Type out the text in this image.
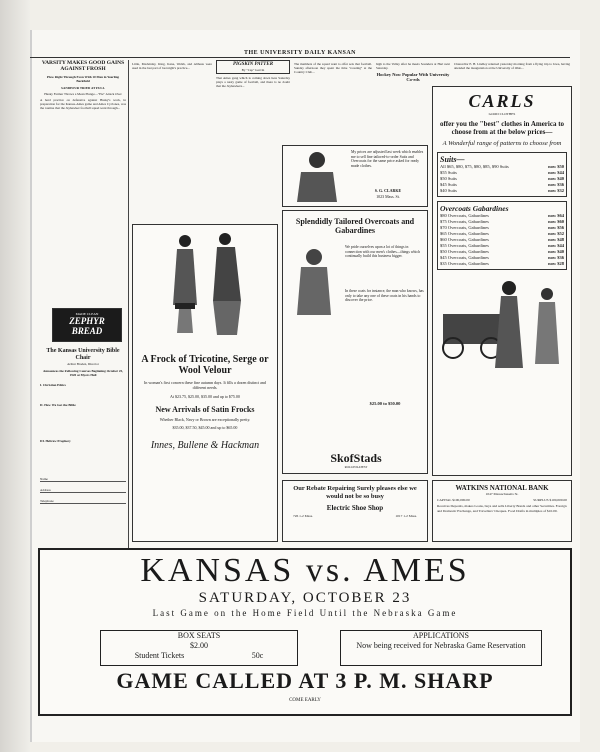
THE UNIVERSITY DAILY KANSAN
VARSITY MAKES GOOD GAINS AGAINST FROSH
Plow Right Through Even With 10 Men in Yearling Backfield
SANDEFUR TRIED AT FULL
Husky Farmer Throws a Mean Plunge—"Pie" Attack Over
A hard practice on defensive against Husky's work, in preparation for the Kansas-Ames game and Ames Cyclones, was the routine that the Jayhawker football squad went through...
MADE CLEAN
ZEPHYR BREAD
The Kansas University Bible Chair
Arthur Braden, Director
Announces the Following Courses Beginning October 25, 1920 at Myers Hall
I. Christian Ethics
II. How We Got the Bible
III. Hebrew Prophecy
Name
Address
Telephone
Little, Mackinlay, King, Kane, Welsh, and Althaus were used in the last part of last night's practice...
PIGSKIN PATTER
By "Cap" Garvin
That Ames gang which is coming down here Saturday plays a nasty game of football, and there is no doubt that the Jayhawkers...
The members of the squad want to offer sets that football. Sunday afternoon they spent the time "roasting" at the Country Club...
high to the Valley after he meets Sounders at Hart next Saturday.
Hockey Now Popular With University Co-eds
Chancellor E. H. Lindley returned yesterday morning from a flying trip to Iowa, having attended the inauguration at the University of Ohio...
A Frock of Tricotine, Serge or Wool Velour
In woman's first concern these fine autumn days. It fills a dozen distinct and different needs.
At $23.75, $25.00, $35.00 and up to $75.00
New Arrivals of Satin Frocks
Whether Black, Navy or Brown are exceptionally pretty.
$35.00, $37.50, $45.00 and up to $65.00
Innes, Bullene & Hackman
My prices are adjusted last week which enables me to sell fine tailored-to-order Suits and Overcoats for the same price asked for ready made clothes.
S. G. CLARKE
1023 Mass. St.
Splendidly Tailored Overcoats and Gabardines
We pride ourselves upon a lot of things in connection with our men's clothes—things which continually build this business bigger.
In these coats for instance, the man who knows, has only to take any one of these coats in his hands to discover the price.
$25.00 to $50.00
SkofStads
ROLLIN RATEST
CARLS
GOOD CLOTHES
offer you the "best" clothes in America to choose from at the below prices—
A Wonderful range of patterns to choose from
Suits—
All $65, $80, $75, $80, $85, $90 Suits	now $50
$55 Suits	now $44
$50 Suits	now $40
$45 Suits	now $36
$40 Suits	now $32
Overcoats Gabardines
$80 Overcoats, Gabardines	now $64
$75 Overcoats, Gabardines	now $60
$70 Overcoats, Gabardines	now $56
$65 Overcoats, Gabardines	now $52
$60 Overcoats, Gabardines	now $48
$55 Overcoats, Gabardines	now $44
$50 Overcoats, Gabardines	now $40
$45 Overcoats, Gabardines	now $36
$35 Overcoats, Gabardines	now $28
Our Rebate Repairing Surely pleases else we would not be so busy
Electric Shoe Shop
726 1-2 Mass.	1017 1-2 Mass.
WATKINS NATIONAL BANK
1047 Massachusetts St.
CAPITAL $100,000.00	SURPLUS $100,000.00
Receives Deposits, makes Loans, buys and sells Liberty Bonds and other Securities. Foreign and Domestic Exchange, and Travellers' Cheques. Food Drafts in multiples of $10.00.
KANSAS vs. AMES
SATURDAY, OCTOBER 23
Last Game on the Home Field Until the Nebraska Game
BOX SEATS
$2.00
Student Tickets	50c
APPLICATIONS
Now being received for Nebraska Game Reservation
GAME CALLED AT 3 P. M. SHARP
COME EARLY
